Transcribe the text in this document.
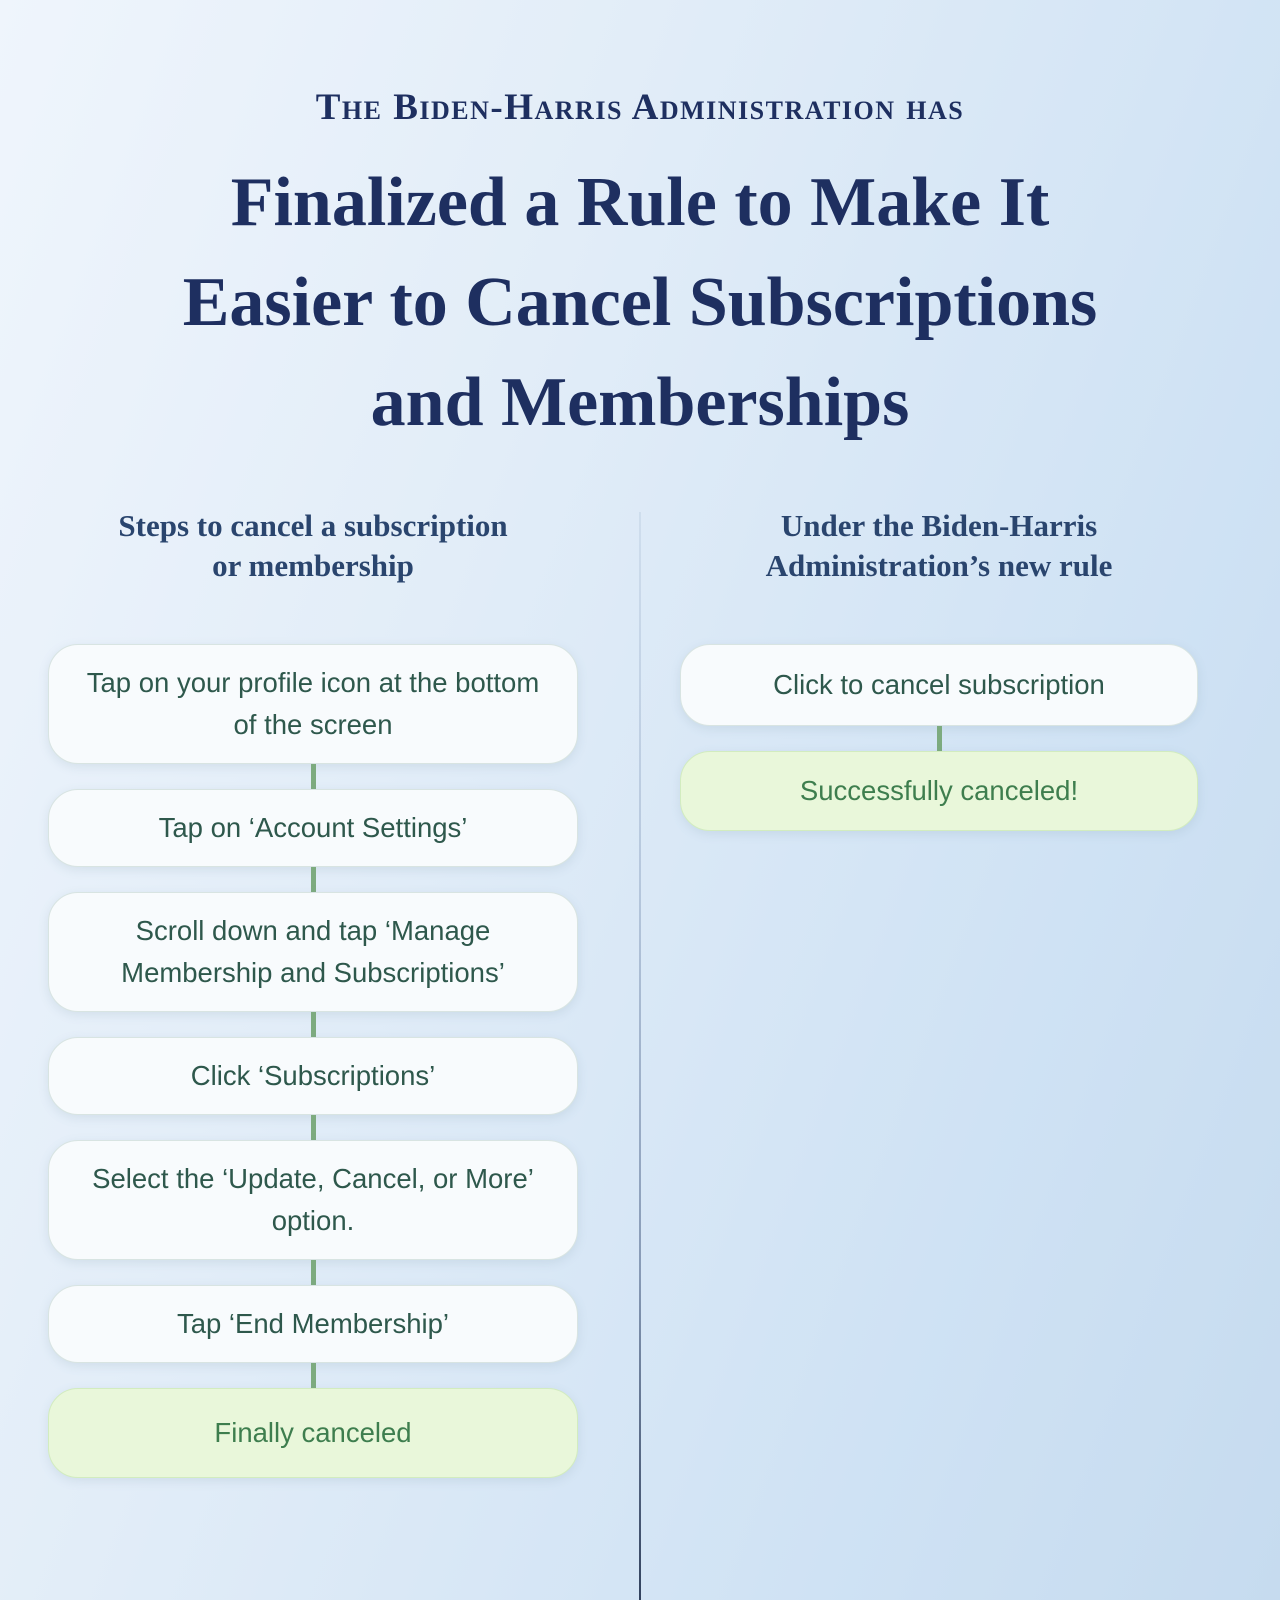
The Biden-Harris Administration has
Finalized a Rule to Make It
Easier to Cancel Subscriptions
and Memberships
Steps to cancel a subscription
or membership
Tap on your profile icon at the bottom of the screen
Tap on ‘Account Settings’
Scroll down and tap ‘Manage Membership and Subscriptions’
Click ‘Subscriptions’
Select the ‘Update, Cancel, or More’ option.
Tap ‘End Membership’
Finally canceled
Under the Biden-Harris
Administration’s new rule
Click to cancel subscription
Successfully canceled!
